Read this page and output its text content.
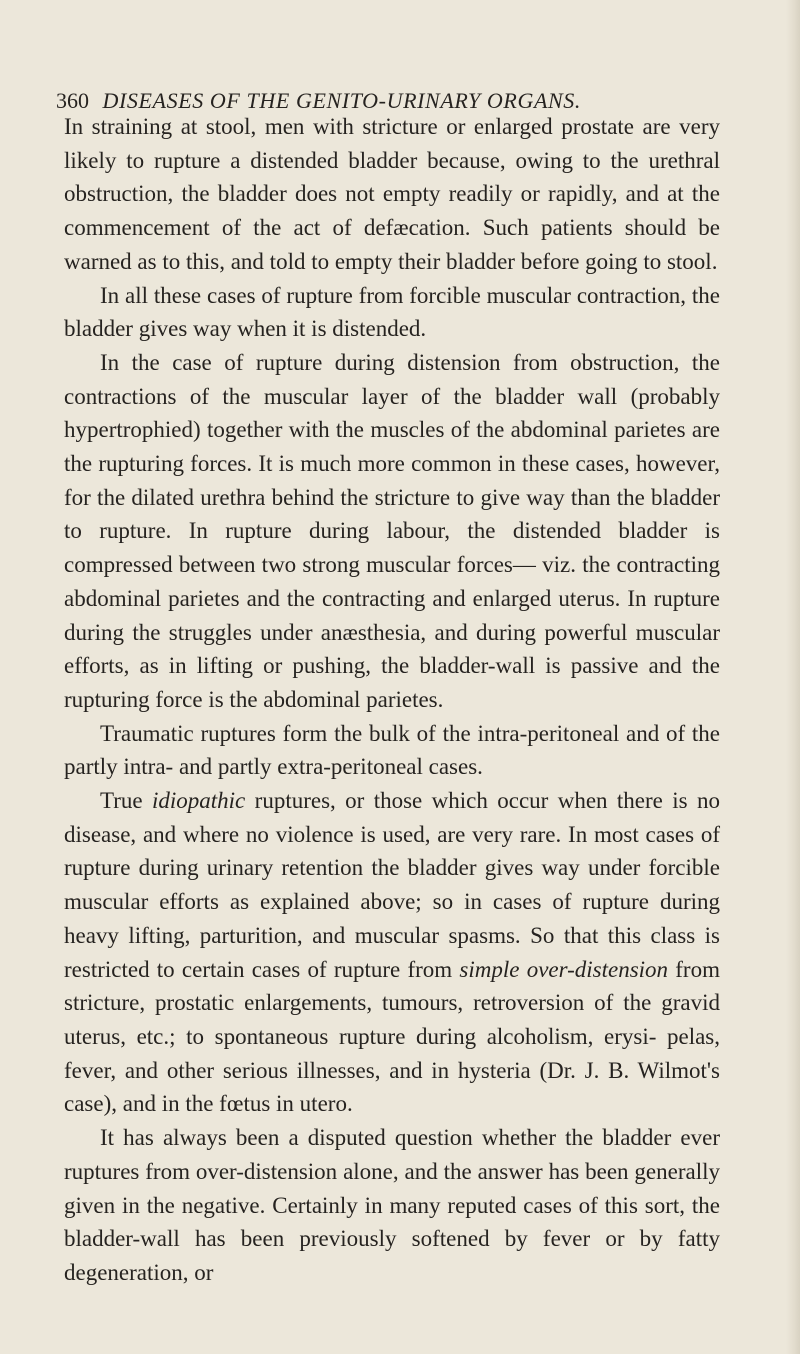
360 DISEASES OF THE GENITO-URINARY ORGANS.

In straining at stool, men with stricture or enlarged prostate are very likely to rupture a distended bladder because, owing to the urethral obstruction, the bladder does not empty readily or rapidly, and at the commencement of the act of defæcation. Such patients should be warned as to this, and told to empty their bladder before going to stool.

In all these cases of rupture from forcible muscular contraction, the bladder gives way when it is distended.

In the case of rupture during distension from obstruction, the contractions of the muscular layer of the bladder wall (probably hypertrophied) together with the muscles of the abdominal parietes are the rupturing forces. It is much more common in these cases, however, for the dilated urethra behind the stricture to give way than the bladder to rupture. In rupture during labour, the distended bladder is compressed between two strong muscular forces— viz. the contracting abdominal parietes and the contracting and enlarged uterus. In rupture during the struggles under anæsthesia, and during powerful muscular efforts, as in lifting or pushing, the bladder-wall is passive and the rupturing force is the abdominal parietes.

Traumatic ruptures form the bulk of the intra-peritoneal and of the partly intra- and partly extra-peritoneal cases.

True idiopathic ruptures, or those which occur when there is no disease, and where no violence is used, are very rare. In most cases of rupture during urinary retention the bladder gives way under forcible muscular efforts as explained above; so in cases of rupture during heavy lifting, parturition, and muscular spasms. So that this class is restricted to certain cases of rupture from simple over-distension from stricture, prostatic enlargements, tumours, retroversion of the gravid uterus, etc.; to spontaneous rupture during alcoholism, erysi- pelas, fever, and other serious illnesses, and in hysteria (Dr. J. B. Wilmot's case), and in the fœtus in utero.

It has always been a disputed question whether the bladder ever ruptures from over-distension alone, and the answer has been generally given in the negative. Certainly in many reputed cases of this sort, the bladder-wall has been previously softened by fever or by fatty degeneration, or
